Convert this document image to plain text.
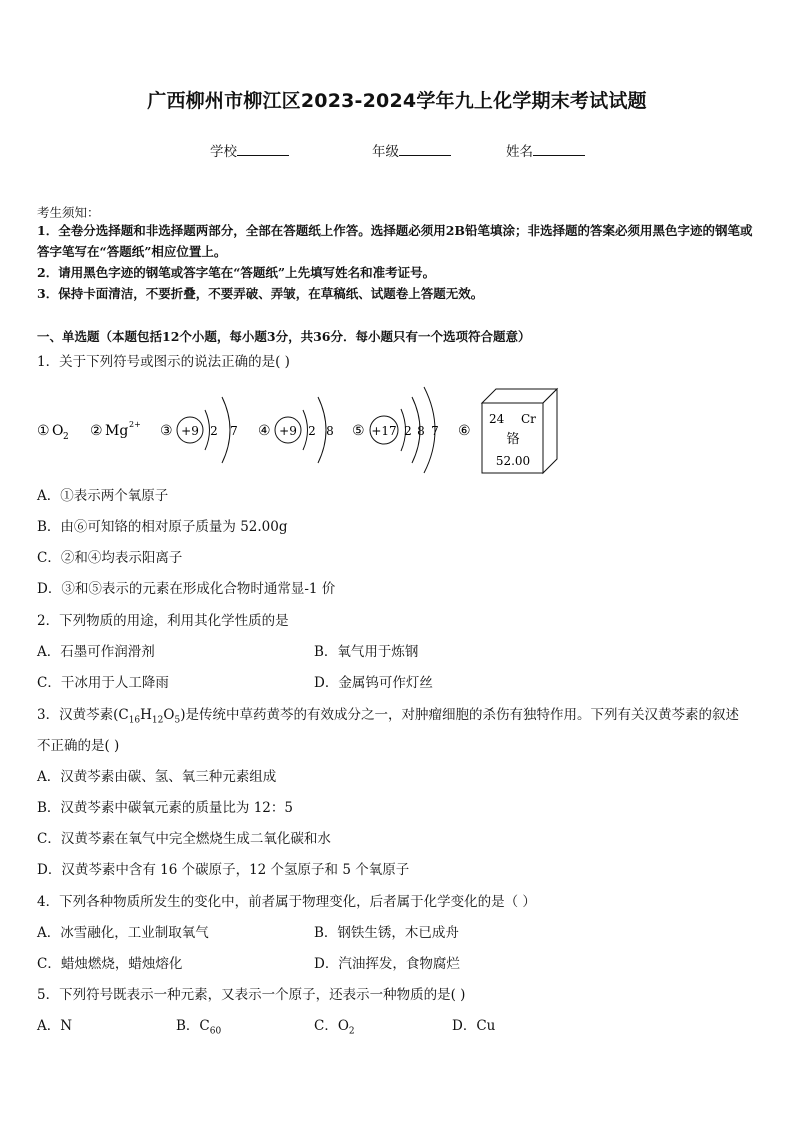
广西柳州市柳江区2023-2024学年九上化学期末考试试题
学校	年级	姓名
考生须知：
1．全卷分选择题和非选择题两部分，全部在答题纸上作答。选择题必须用2B铅笔填涂；非选择题的答案必须用黑色字迹的钢笔或答字笔写在“答题纸”相应位置上。
2．请用黑色字迹的钢笔或答字笔在“答题纸”上先填写姓名和准考证号。
3．保持卡面清洁，不要折叠，不要弄破、弄皱，在草稿纸、试题卷上答题无效。
一、单选题（本题包括12个小题，每小题3分，共36分．每小题只有一个选项符合题意）
1．关于下列符号或图示的说法正确的是( )
① O 2 ② Mg 2+ ③ +9 2 7 ④ +9 2 8 ⑤ +17 2 8 7 ⑥
24 Cr
铬
52.00
A．①表示两个氧原子
B．由⑥可知铬的相对原子质量为 52.00g
C．②和④均表示阳离子
D．③和⑤表示的元素在形成化合物时通常显-1 价
2．下列物质的用途，利用其化学性质的是
A．石墨可作润滑剂	B．氧气用于炼钢
C．干冰用于人工降雨	D．金属钨可作灯丝
3．汉黄芩素$(C_{16}H_{12}O_5)$是传统中草药黄芩的有效成分之一，对肿瘤细胞的杀伤有独特作用。下列有关汉黄芩素的叙述
不正确的是( )
A．汉黄芩素由碳、氢、氧三种元素组成
B．汉黄芩素中碳氧元素的质量比为 12：5
C．汉黄芩素在氧气中完全燃烧生成二氧化碳和水
D．汉黄芩素中含有 16 个碳原子，12 个氢原子和 5 个氧原子
4．下列各种物质所发生的变化中，前者属于物理变化，后者属于化学变化的是（ ）
A．冰雪融化，工业制取氧气	B．钢铁生锈，木已成舟
C．蜡烛燃烧，蜡烛熔化	D．汽油挥发，食物腐烂
5．下列符号既表示一种元素，又表示一个原子，还表示一种物质的是( )
A．N	B．$C_{60}$	C．$O_2$	D．Cu
